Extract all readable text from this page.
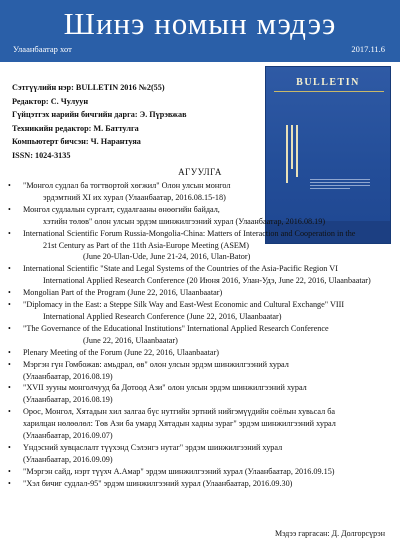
Шинэ номын мэдээ
Улаанбаатар хот	2017.11.6
Сэтгүүлийн нэр: BULLETIN 2016 №2(55)
Редактор: С. Чулуун
Гүйцэтгэх нарийн бичгийн дарга: Э. Пүрэвжав
Техникийн редактор: М. Баттулга
Компьютерт бичсэн: Ч. Нарантуяа
ISSN: 1024-3135
BULLETIN
АГУУЛГА
• "Монгол судлал ба тогтвортой хөгжил" Олон улсын монгол
эрдэмтний XI их хурал (Улаанбаатар, 2016.08.15-18)
• Монгол судлалын сургалт, судалгааны өнөөгийн байдал,
хэтийн төлөв" олон улсын эрдэм шинжилгээний хурал (Улаанбаатар, 2016.08.19)
• International Scientific Forum Russia-Mongolia-China: Matters of Interaction and Cooperation in the
21st Century as Part of the 11th Asia-Europe Meeting (ASEM)
(June 20-Ulan-Ude, June 21-24, 2016, Ulan-Bator)
• International Scientific "State and Legal Systems of the Countries of the Asia-Pacific Region VI
International Applied Research Conference (20 Июня 2016, Улан-Удэ, June 22, 2016, Ulaanbaatar)
• Mongolian Part of the Program (June 22, 2016, Ulaanbaatar)
• "Diplomacy in the East: a Steppe Silk Way and East-West Economic and Cultural Exchange" VIII
International Applied Research Conference (June 22, 2016, Ulaanbaatar)
• "The Governance of the Educational Institutions" International Applied Research Conference
(June 22, 2016, Ulaanbaatar)
• Plenary Meeting of the Forum (June 22, 2016, Ulaanbaatar)
• Мэргэн гүн Гомбожав: амьдрал, өв" олон улсын эрдэм шинжилгээний хурал
(Улаанбаатар, 2016.08.19)
• "XVII зууны монголчууд ба Дотоод Ази" олон улсын эрдэм шинжилгээний хурал
(Улаанбаатар, 2016.08.19)
• Орос, Монгол, Хятадын хил залгаа бүс нутгийн эртний нийгэмүүдийн соёлын хувьсал ба
харилцан нөлөөлөл: Төв Ази ба умард Хятадын хадны зураг" эрдэм шинжилгээний хурал
(Улаанбаатар, 2016.09.07)
• Үндэсний хувцаслалт түүхэнд Сэлэнгэ нутаг" эрдэм шинжилгээний хурал
(Улаанбаатар, 2016.09.09)
• "Мэргэн сайд, нэрт түүхч А.Амар" эрдэм шинжилгээний хурал (Улаанбаатар, 2016.09.15)
• "Хэл бичиг судлал-95" эрдэм шинжилгээний хурал (Улаанбаатар, 2016.09.30)
Мэдээ гаргасан: Д. Долгорсүрэн
